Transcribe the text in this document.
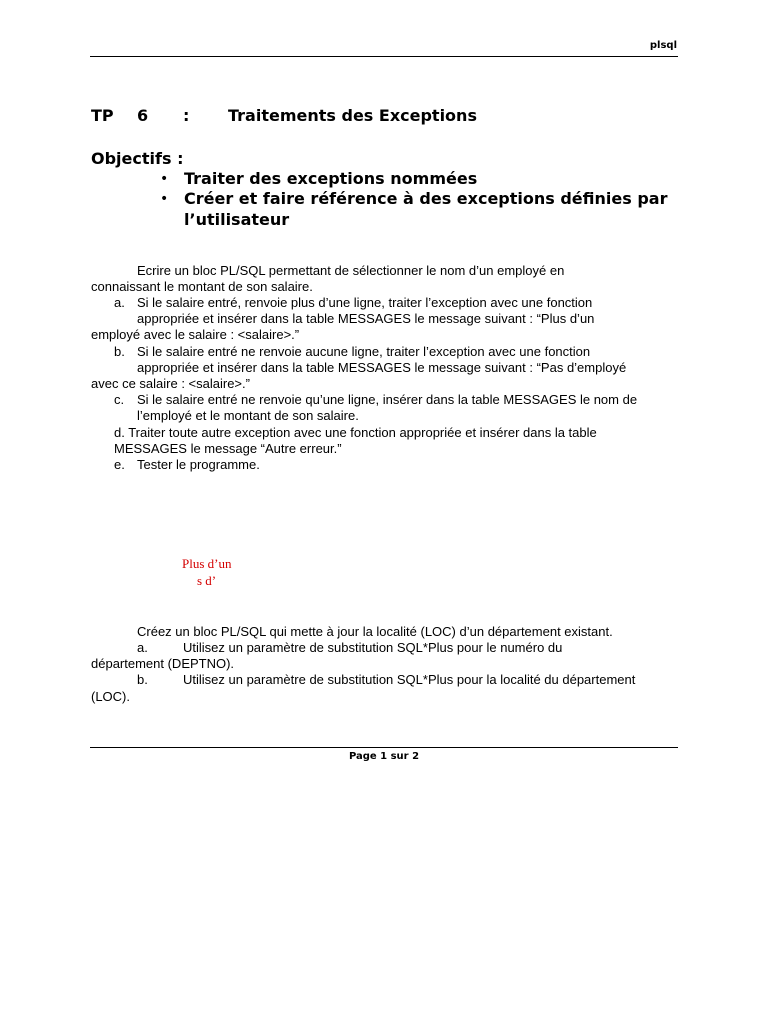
plsql
TP 6 : Traitements des Exceptions
Objectifs :
• Traiter des exceptions nommées
• Créer et faire référence à des exceptions définies par
l’utilisateur
Ecrire un bloc PL/SQL permettant de sélectionner le nom d’un employé en
connaissant le montant de son salaire.
a. Si le salaire entré, renvoie plus d’une ligne, traiter l’exception avec une fonction
appropriée et insérer dans la table MESSAGES le message suivant : “Plus d’un
employé avec le salaire : <salaire>.”
b. Si le salaire entré ne renvoie aucune ligne, traiter l’exception avec une fonction
appropriée et insérer dans la table MESSAGES le message suivant : “Pas d’employé
avec ce salaire : <salaire>.”
c. Si le salaire entré ne renvoie qu’une ligne, insérer dans la table MESSAGES le nom de
l’employé et le montant de son salaire.
d. Traiter toute autre exception avec une fonction appropriée et insérer dans la table
MESSAGES le message “Autre erreur.”
e. Tester le programme.
Plus d’un
s d’
Créez un bloc PL/SQL qui mette à jour la localité (LOC) d’un département existant.
a.	Utilisez un paramètre de substitution SQL*Plus pour le numéro du
département (DEPTNO).
b.	Utilisez un paramètre de substitution SQL*Plus pour la localité du département
(LOC).
Page 1 sur 2
